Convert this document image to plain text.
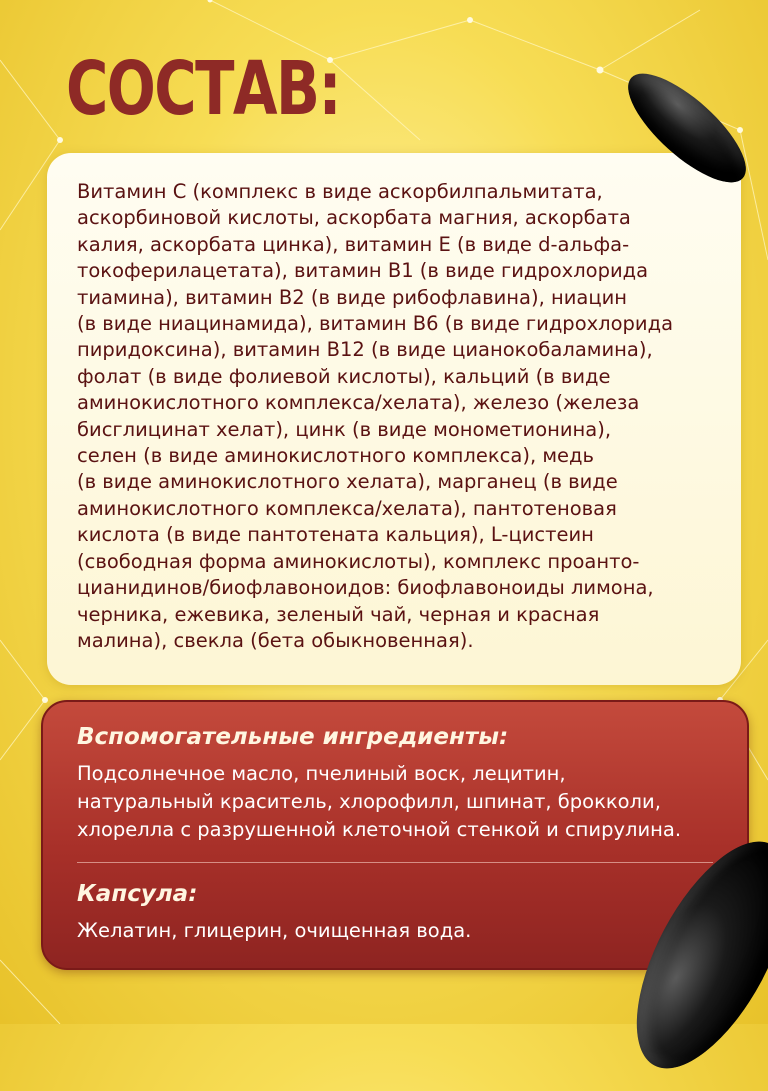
СОСТАВ:

Витамин С (комплекс в виде аскорбилпальмитата,
аскорбиновой кислоты, аскорбата магния, аскорбата
калия, аскорбата цинка), витамин Е (в виде d-альфа-
токоферилацетата), витамин В1 (в виде гидрохлорида
тиамина), витамин В2 (в виде рибофлавина), ниацин
(в виде ниацинамида), витамин В6 (в виде гидрохлорида
пиридоксина), витамин В12 (в виде цианокобаламина),
фолат (в виде фолиевой кислоты), кальций (в виде
аминокислотного комплекса/хелата), железо (железа
бисглицинат хелат), цинк (в виде монометионина),
селен (в виде аминокислотного комплекса), медь
(в виде аминокислотного хелата), марганец (в виде
аминокислотного комплекса/хелата), пантотеновая
кислота (в виде пантотената кальция), L-цистеин
(свободная форма аминокислоты), комплекс проанто-
цианидинов/биофлавоноидов: биофлавоноиды лимона,
черника, ежевика, зеленый чай, черная и красная
малина), свекла (бета обыкновенная).

Вспомогательные ингредиенты:

Подсолнечное масло, пчелиный воск, лецитин,
натуральный краситель, хлорофилл, шпинат, брокколи,
хлорелла с разрушенной клеточной стенкой и спирулина.

Капсула:

Желатин, глицерин, очищенная вода.
